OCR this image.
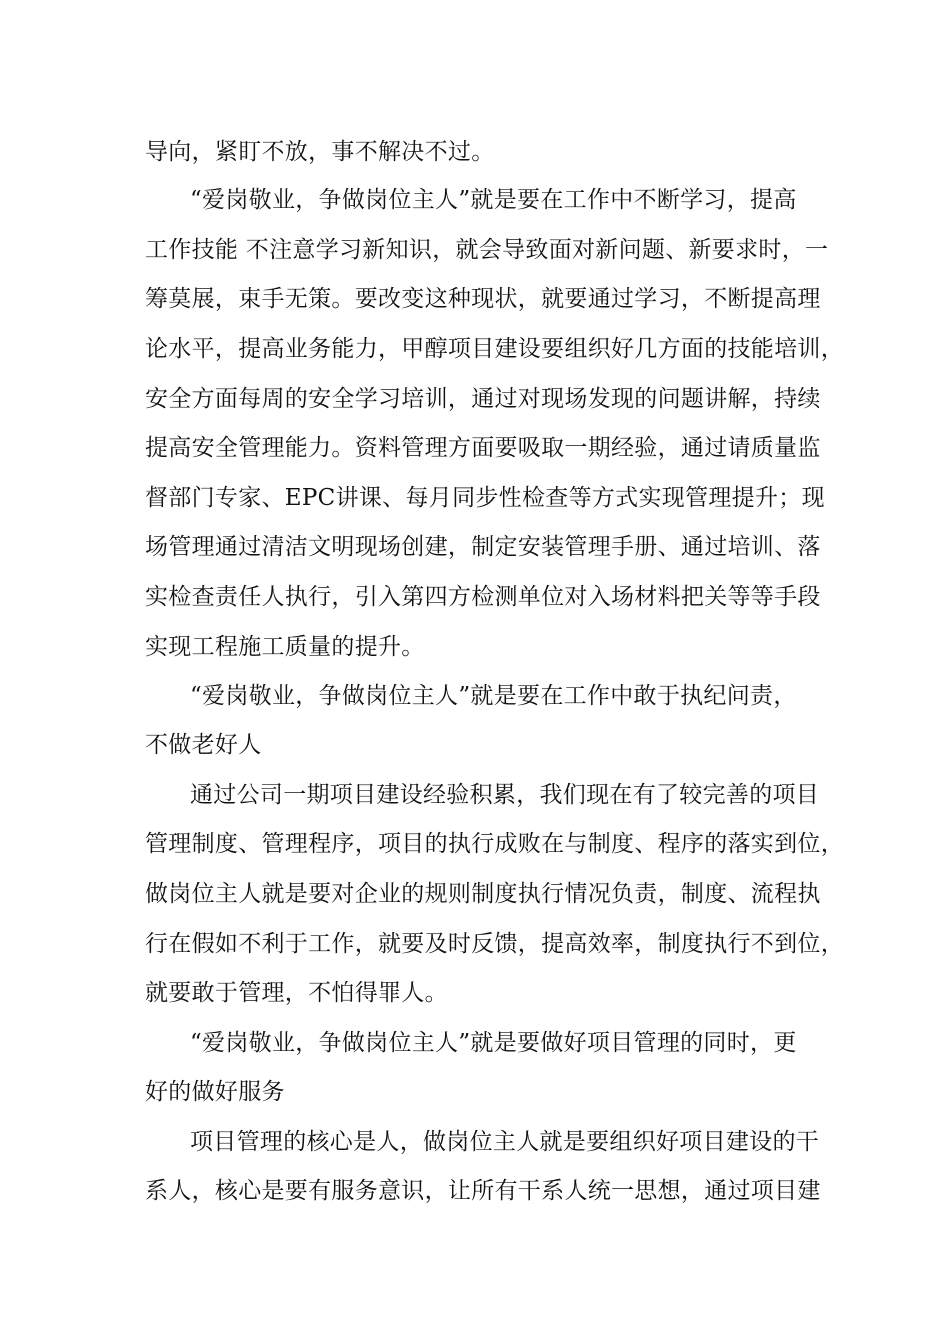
导向，紧盯不放，事不解决不过。
“爱岗敬业，争做岗位主人”就是要在工作中不断学习，提高
工作技能 不注意学习新知识，就会导致面对新问题、新要求时，一
筹莫展，束手无策。要改变这种现状，就要通过学习，不断提高理
论水平，提高业务能力，甲醇项目建设要组织好几方面的技能培训，
安全方面每周的安全学习培训，通过对现场发现的问题讲解，持续
提高安全管理能力。资料管理方面要吸取一期经验，通过请质量监
督部门专家、EPC讲课、每月同步性检查等方式实现管理提升；现
场管理通过清洁文明现场创建，制定安装管理手册、通过培训、落
实检查责任人执行，引入第四方检测单位对入场材料把关等等手段
实现工程施工质量的提升。
“爱岗敬业，争做岗位主人”就是要在工作中敢于执纪问责，
不做老好人
通过公司一期项目建设经验积累，我们现在有了较完善的项目
管理制度、管理程序，项目的执行成败在与制度、程序的落实到位，
做岗位主人就是要对企业的规则制度执行情况负责，制度、流程执
行在假如不利于工作，就要及时反馈，提高效率，制度执行不到位，
就要敢于管理，不怕得罪人。
“爱岗敬业，争做岗位主人”就是要做好项目管理的同时，更
好的做好服务
项目管理的核心是人，做岗位主人就是要组织好项目建设的干
系人，核心是要有服务意识，让所有干系人统一思想，通过项目建
